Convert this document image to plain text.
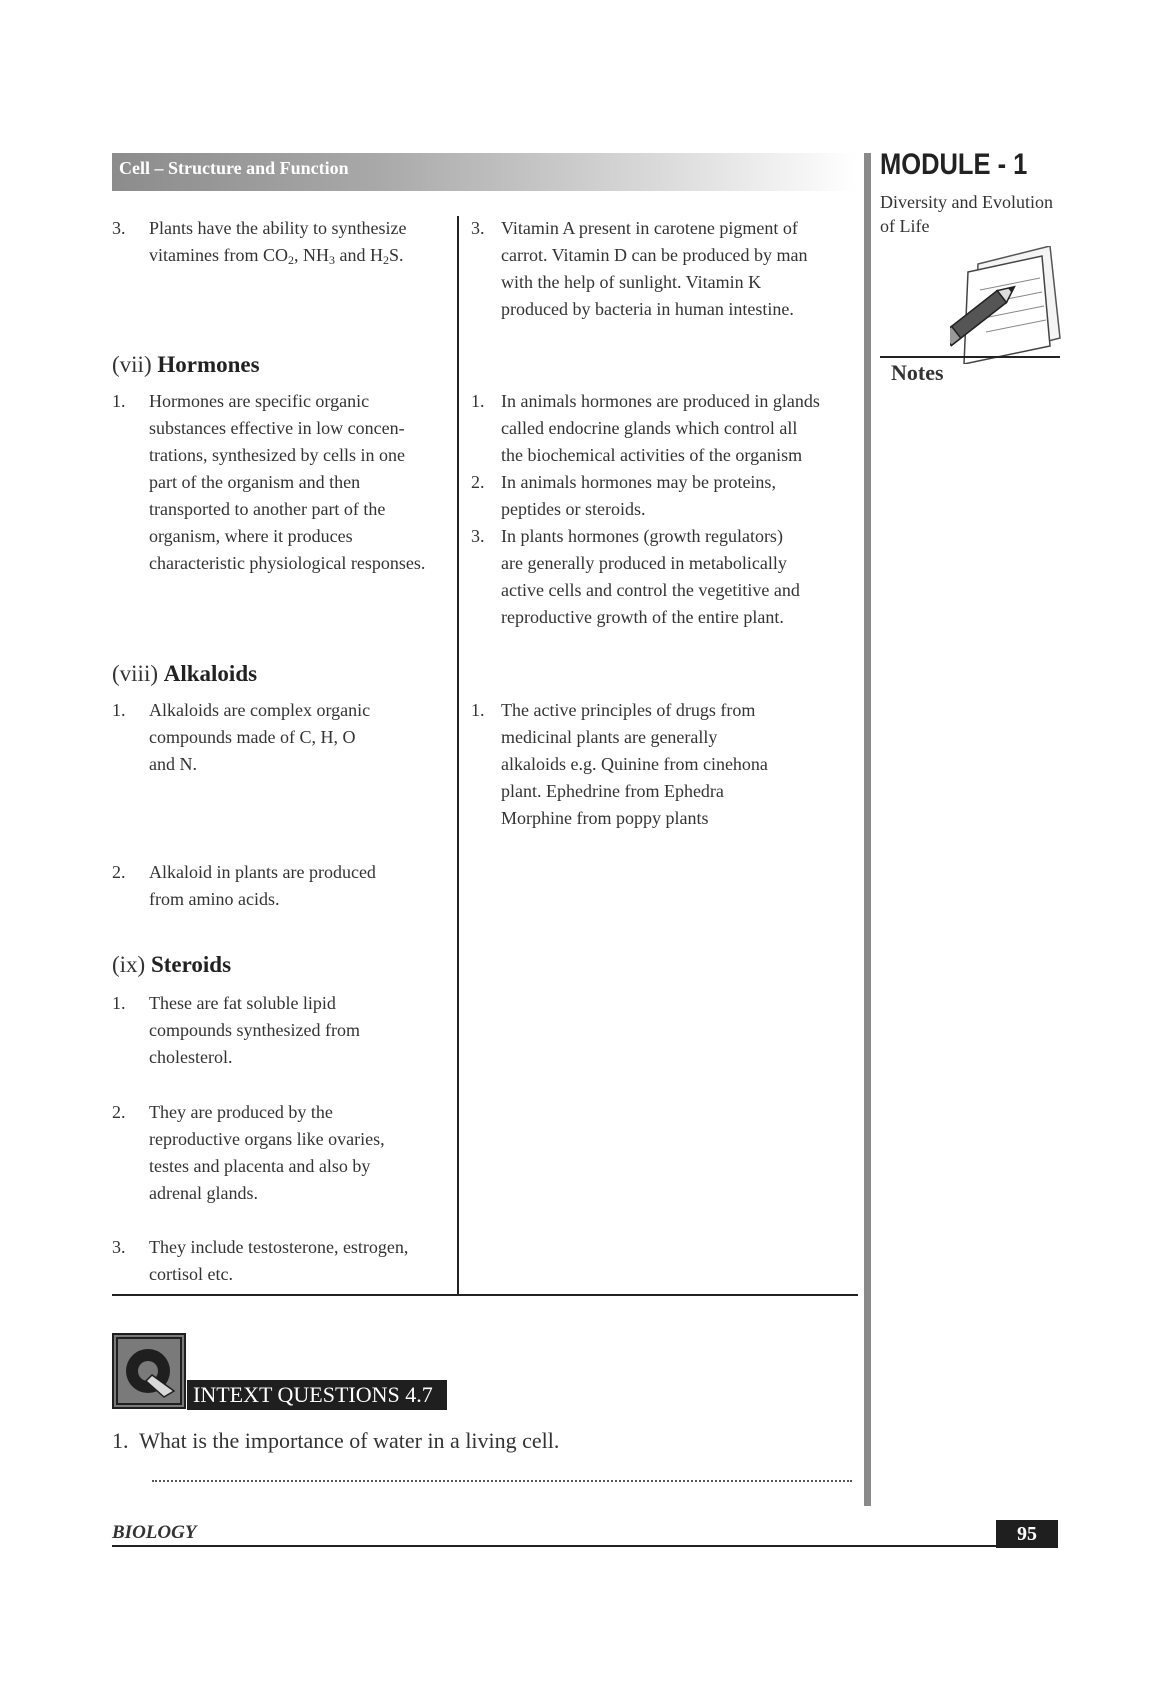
Cell – Structure and Function	MODULE - 1
Diversity and Evolution
of Life
Notes
3. Plants have the ability to synthesize
vitamines from $CO_2$, $NH_3$ and $H_2S$.
3. Vitamin A present in carotene pigment of
carrot. Vitamin D can be produced by man
with the help of sunlight. Vitamin K
produced by bacteria in human intestine.
(vii) Hormones
1. Hormones are specific organic
substances effective in low concen-
trations, synthesized by cells in one
part of the organism and then
transported to another part of the
organism, where it produces
characteristic physiological responses.
1. In animals hormones are produced in glands
called endocrine glands which control all
the biochemical activities of the organism
2. In animals hormones may be proteins,
peptides or steroids.
3. In plants hormones (growth regulators)
are generally produced in metabolically
active cells and control the vegetitive and
reproductive growth of the entire plant.
(viii) Alkaloids
1. Alkaloids are complex organic
compounds made of C, H, O
and N.
2. Alkaloid in plants are produced
from amino acids.
1. The active principles of drugs from
medicinal plants are generally
alkaloids e.g. Quinine from cinehona
plant. Ephedrine from Ephedra
Morphine from poppy plants
(ix) Steroids
1. These are fat soluble lipid
compounds synthesized from
cholesterol.
2. They are produced by the
reproductive organs like ovaries,
testes and placenta and also by
adrenal glands.
3. They include testosterone, estrogen,
cortisol etc.
INTEXT QUESTIONS 4.7
1. What is the importance of water in a living cell.
BIOLOGY	95
